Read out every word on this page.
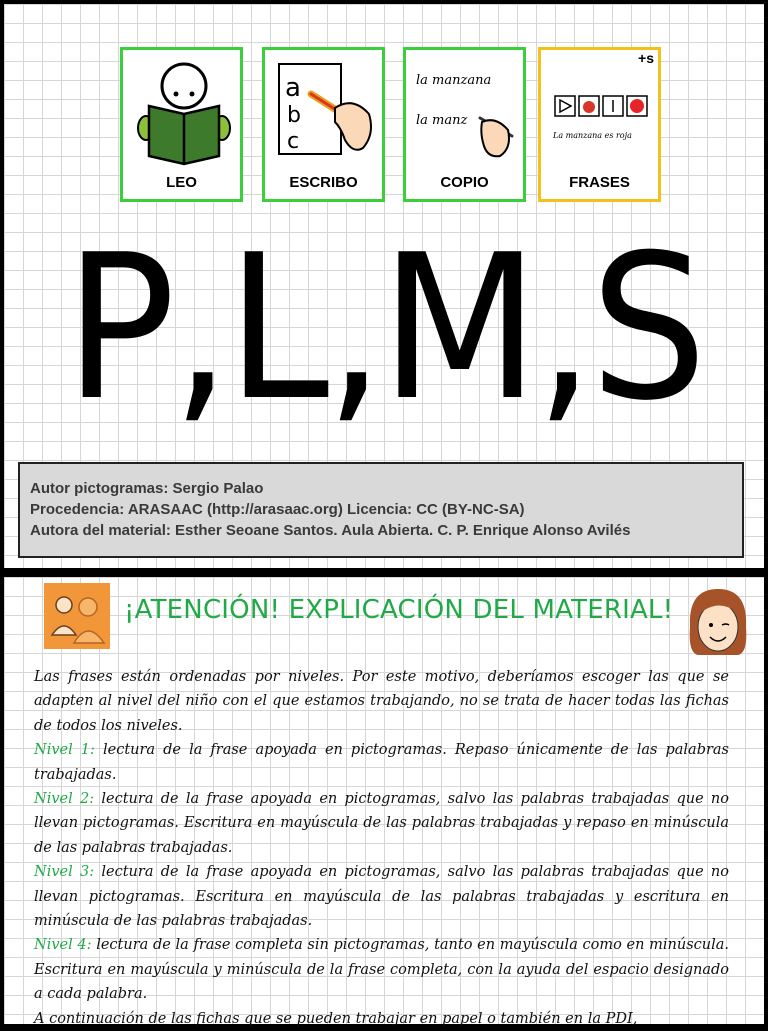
LEO
a
b
c
ESCRIBO
la manzana
la manz
COPIO
+s
La manzana es roja
FRASES
P,L,M,S
Autor pictogramas: Sergio Palao
Procedencia: ARASAAC (http://arasaac.org) Licencia: CC (BY-NC-SA)
Autora del material: Esther Seoane Santos. Aula Abierta. C. P. Enrique Alonso Avilés
¡ATENCIÓN! EXPLICACIÓN DEL MATERIAL!

Las frases están ordenadas por niveles. Por este motivo, deberíamos escoger las que se adapten al nivel del niño con el que estamos trabajando, no se trata de hacer todas las fichas de todos los niveles.

Nivel 1: lectura de la frase apoyada en pictogramas. Repaso únicamente de las palabras trabajadas.

Nivel 2: lectura de la frase apoyada en pictogramas, salvo las palabras trabajadas que no llevan pictogramas. Escritura en mayúscula de las palabras trabajadas y repaso en minúscula de las palabras trabajadas.

Nivel 3: lectura de la frase apoyada en pictogramas, salvo las palabras trabajadas que no llevan pictogramas. Escritura en mayúscula de las palabras trabajadas y escritura en minúscula de las palabras trabajadas.

Nivel 4: lectura de la frase completa sin pictogramas, tanto en mayúscula como en minúscula. Escritura en mayúscula y minúscula de la frase completa, con la ayuda del espacio designado a cada palabra.

A continuación de las fichas que se pueden trabajar en papel o también en la PDI,
